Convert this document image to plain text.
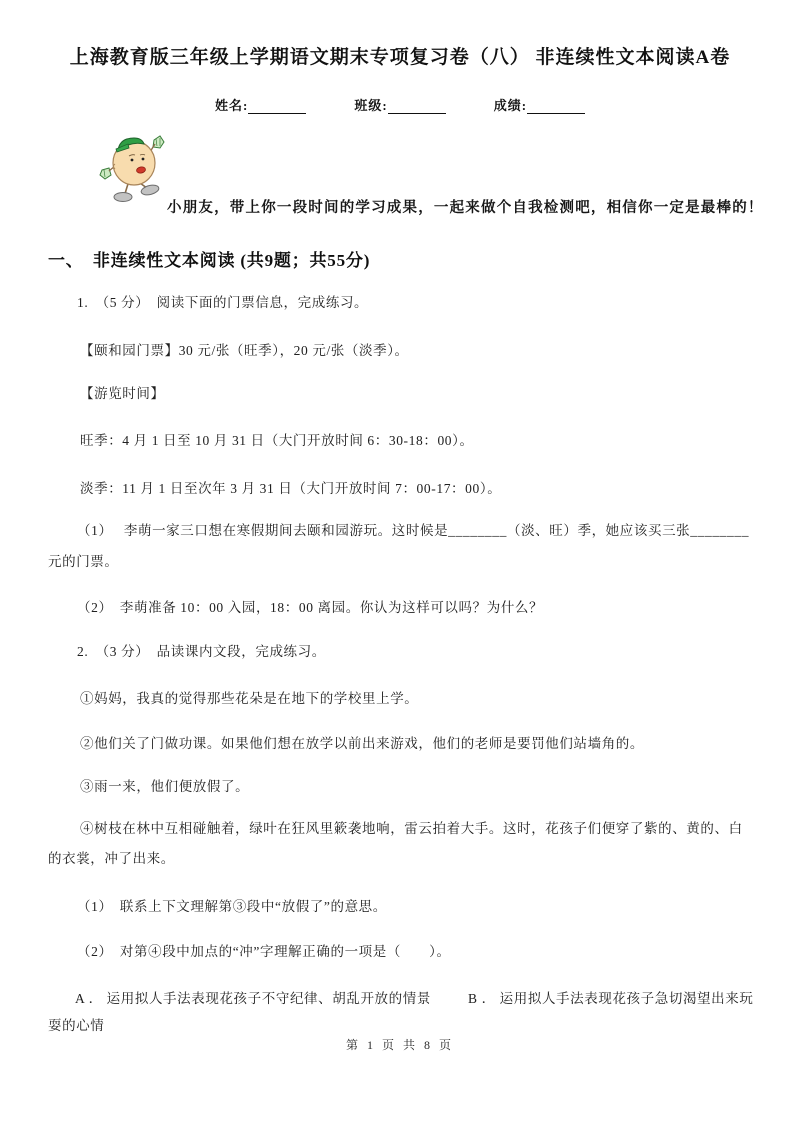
上海教育版三年级上学期语文期末专项复习卷（八） 非连续性文本阅读A卷
姓名:	班级:	成绩:
小朋友，带上你一段时间的学习成果，一起来做个自我检测吧，相信你一定是最棒的！
一、　非连续性文本阅读 (共9题；共55分)
1.　（5 分）　阅读下面的门票信息，完成练习。
【颐和园门票】30 元/张（旺季），20 元/张（淡季）。
【游览时间】
旺季：4 月 1 日至 10 月 31 日（大门开放时间 6：30-18：00）。
淡季：11 月 1 日至次年 3 月 31 日（大门开放时间 7：00-17：00）。
（1）　 李萌一家三口想在寒假期间去颐和园游玩。这时候是________（淡、旺）季，她应该买三张________
元的门票。
（2）　李萌准备 10：00 入园，18：00 离园。你认为这样可以吗？为什么？
2.　（3 分）　品读课内文段，完成练习。
①妈妈，我真的觉得那些花朵是在地下的学校里上学。
②他们关了门做功课。如果他们想在放学以前出来游戏，他们的老师是要罚他们站墙角的。
③雨一来，他们便放假了。
④树枝在林中互相碰触着，绿叶在狂风里簌袭地响，雷云拍着大手。这时，花孩子们便穿了紫的、黄的、白
的衣裳，冲了出来。
（1）　联系上下文理解第③段中“放假了”的意思。
（2）　对第④段中加点的“冲”字理解正确的一项是（　　）。
A ． 运用拟人手法表现花孩子不守纪律、胡乱开放的情景	B ． 运用拟人手法表现花孩子急切渴望出来玩
耍的心情
第 1 页 共 8 页
